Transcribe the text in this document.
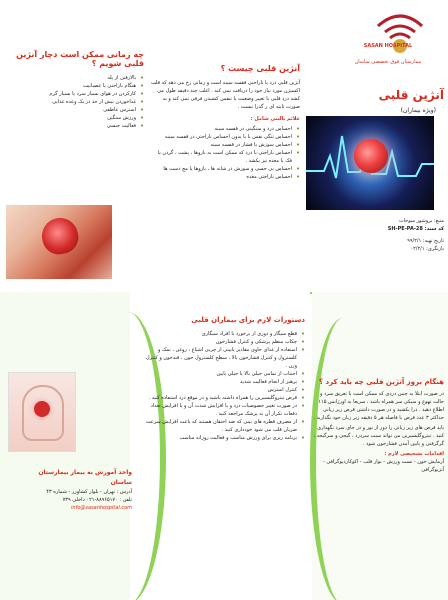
SASAN HOSPITAL
بیمارستان فوق تخصصی ساسان
آنژین قلبی
(ویژه بیماران)
منبع: بروشور سوجات
کد سند: SH-PE-PA-28
تاریخ تهیه: ۹۹/۲/۱
بازنگری: ۰۲/۲/۱
آنژین قلبی چیست ؟
آنژین قلبی درد یا ناراحتی قفسه سینه است و زمانی رخ می‌ دهد که قلب اکسیژن مورد نیاز خود را دریافت نمی کند . اغلب چند دقیقه طول می کشد درد قلبی یا تغییر وضعیت یا تنفس کشیدن فرقی نمی کند و به صورت ثابته ای ر گذرا نیست .
علائم بالینی شامل :
• احساس درد و سنگینی در قفسه سینه
• احساس تنگی نفس با یا بدون احساس ناراحتی در قفسه سینه
• احساس سوزش یا فشار در قفسه سینه
• احساس ناراحتی یا درد که ممکن است به بازوها ، پشت ، گردن یا فک یا معده نیز بکشد .
• احساس بی حسی و سوزش در شانه ها ، بازوها یا مچ دست ها
• احساس ناراحتی معده
چه زمانی ممکن است دچار آنژین قلبی شویم ؟
• بالارفتن از پله
• هنگام ناراحتی یا عصبانیت
• کارکردن در هوای بسیار سرد یا بسیار گرم
• غذاخوردن بیش از حد در یک وعده غذایی
• استرس عاطفی
• ورزش سنگین
• فعالیت جنسی
واحد آموزش به بیمار بیمارستان ساسان
آدرس : تهران - بلوار کشاورز - شماره ۴۳
تلفن : ۸۸۹۶۵۱۷۰-۰۲۱ داخلی ۷۳۹
info@sasanhospital.com
دستورات لازم برای بیماران قلبی
• قطع سیگار و دوری از برخورد با افراد سیگاری
• چکاب منظم پزشکی و کنترل فشارخون
• استفاده از غذای حاوی مقادیر پایینی از چربی اشباع ، روغن ، نمک و کلسترول و کنترل فشارخون بالا ، سطح کلسترول خون ، قندخون و کنترل وزن .
• اجتناب از تمامی خیلی بالا یا خیلی پایین
• پرهیز از انجام فعالیت شدید
• کنترل استرس
• قرص نیتروگلیسیرین را همراه داشته باشید و در موقع درد استفاده کنید .
• در صورت تغییر خصوصیات درد و یا افزایش شدت آن و یا افزایش تعداد دفعات تکرار آن به پزشک مراجعه کنید .
• از مصرف قطره های بینی که ضد احتقان هستند که باعث افزایش سرعت ضربان قلب می شود خودداری کنید .
• برنامه ریزی برای ورزش مناسب و فعالیت روزانه مناسب
هنگام بروز آنژین قلبی چه باید کرد ؟
در صورت ابتلا به چنین دردی که ممکن است با تعریق سرد و حالت تهوع و سبکی سر همراه باشد ، سریعا به اورژانس ۱۱۵ اطلاع دهید . درا بکشید و در صورت داشتن قرص زیر زبانی حداکثر ۳ عدد قرص با فاصله هر ۵ دقیقه زیر زبان خود بگذارید .
باید قرص های زیر زبانی را دور از نور و در جای سرد نگهداری کنید . نیتروگلیسیرین می تواند سبب سردرد ، گیجی و سرگیجه ، گرگرفتی و پایین آمدن فشارخون شود .
اقدامات تشخیصی لازم :
آزمایش خون - تست ورزش - نوار قلب - اکوکاردیوگرافی - آنژیوگرافی
